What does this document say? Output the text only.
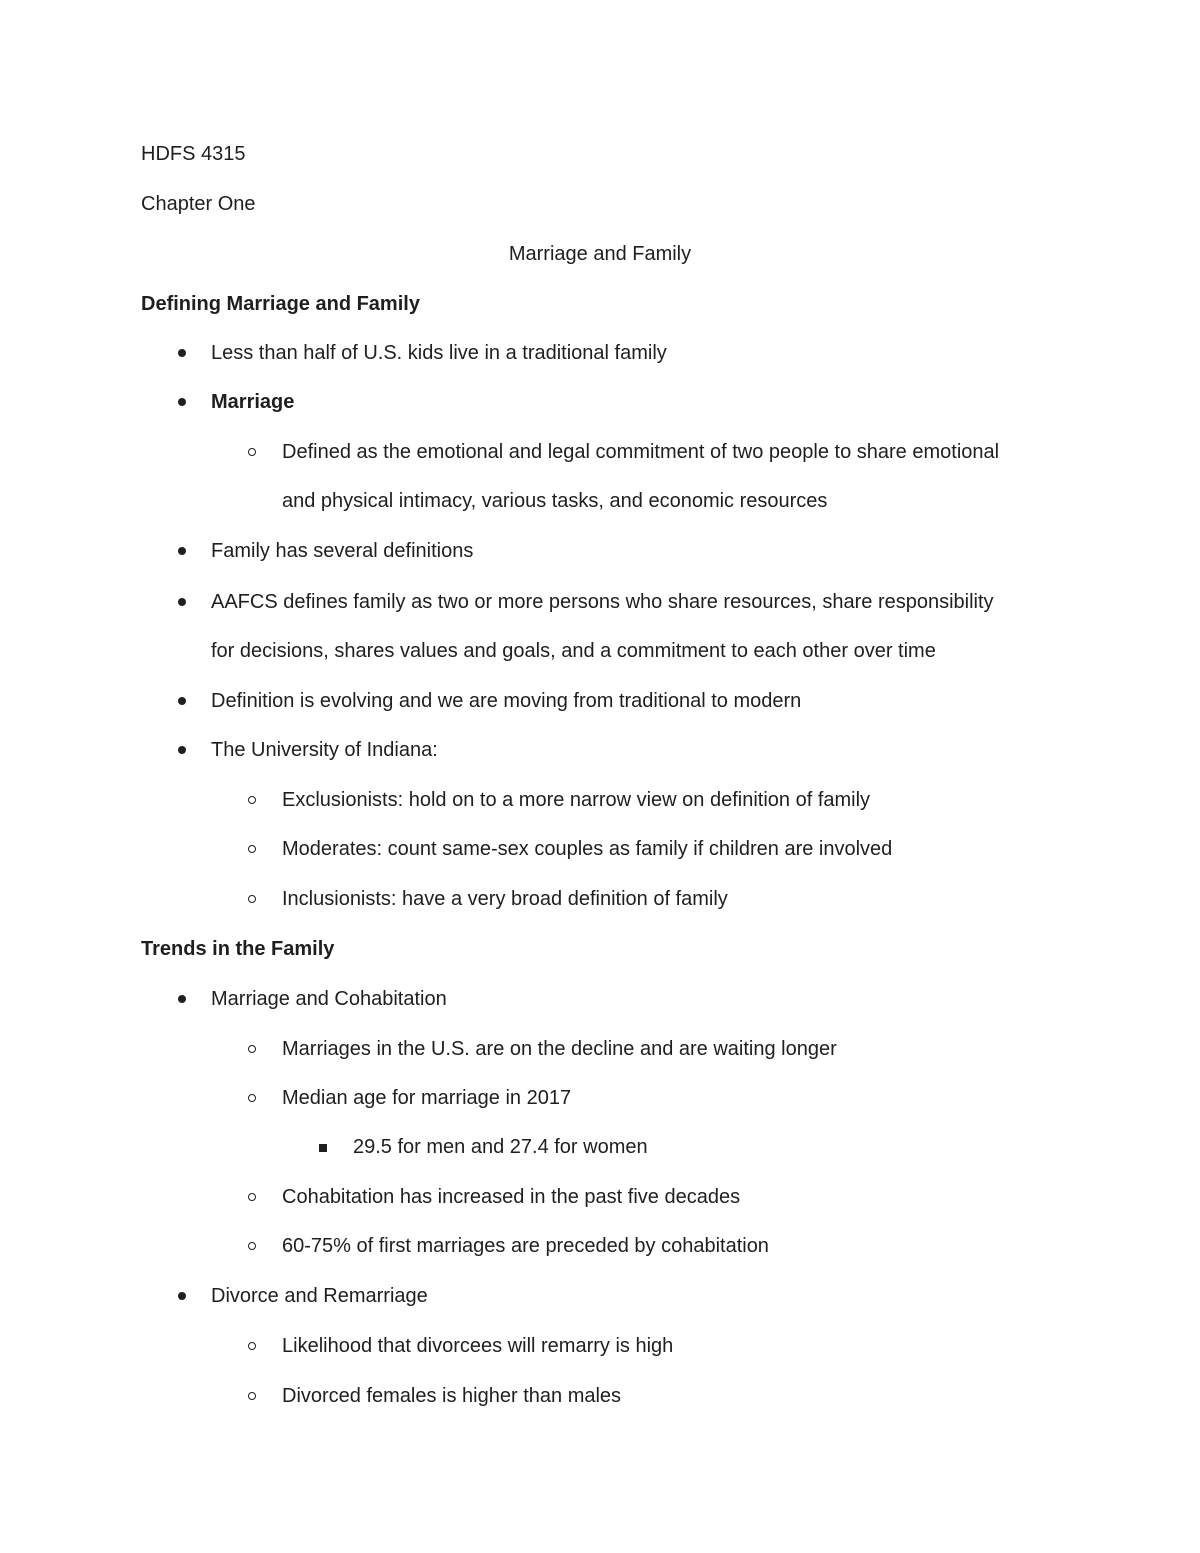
HDFS 4315
Chapter One
Marriage and Family
Defining Marriage and Family
Less than half of U.S. kids live in a traditional family
Marriage
Defined as the emotional and legal commitment of two people to share emotional
and physical intimacy, various tasks, and economic resources
Family has several definitions
AAFCS defines family as two or more persons who share resources, share responsibility
for decisions, shares values and goals, and a commitment to each other over time
Definition is evolving and we are moving from traditional to modern
The University of Indiana:
Exclusionists: hold on to a more narrow view on definition of family
Moderates: count same-sex couples as family if children are involved
Inclusionists: have a very broad definition of family
Trends in the Family
Marriage and Cohabitation
Marriages in the U.S. are on the decline and are waiting longer
Median age for marriage in 2017
29.5 for men and 27.4 for women
Cohabitation has increased in the past five decades
60-75% of first marriages are preceded by cohabitation
Divorce and Remarriage
Likelihood that divorcees will remarry is high
Divorced females is higher than males
